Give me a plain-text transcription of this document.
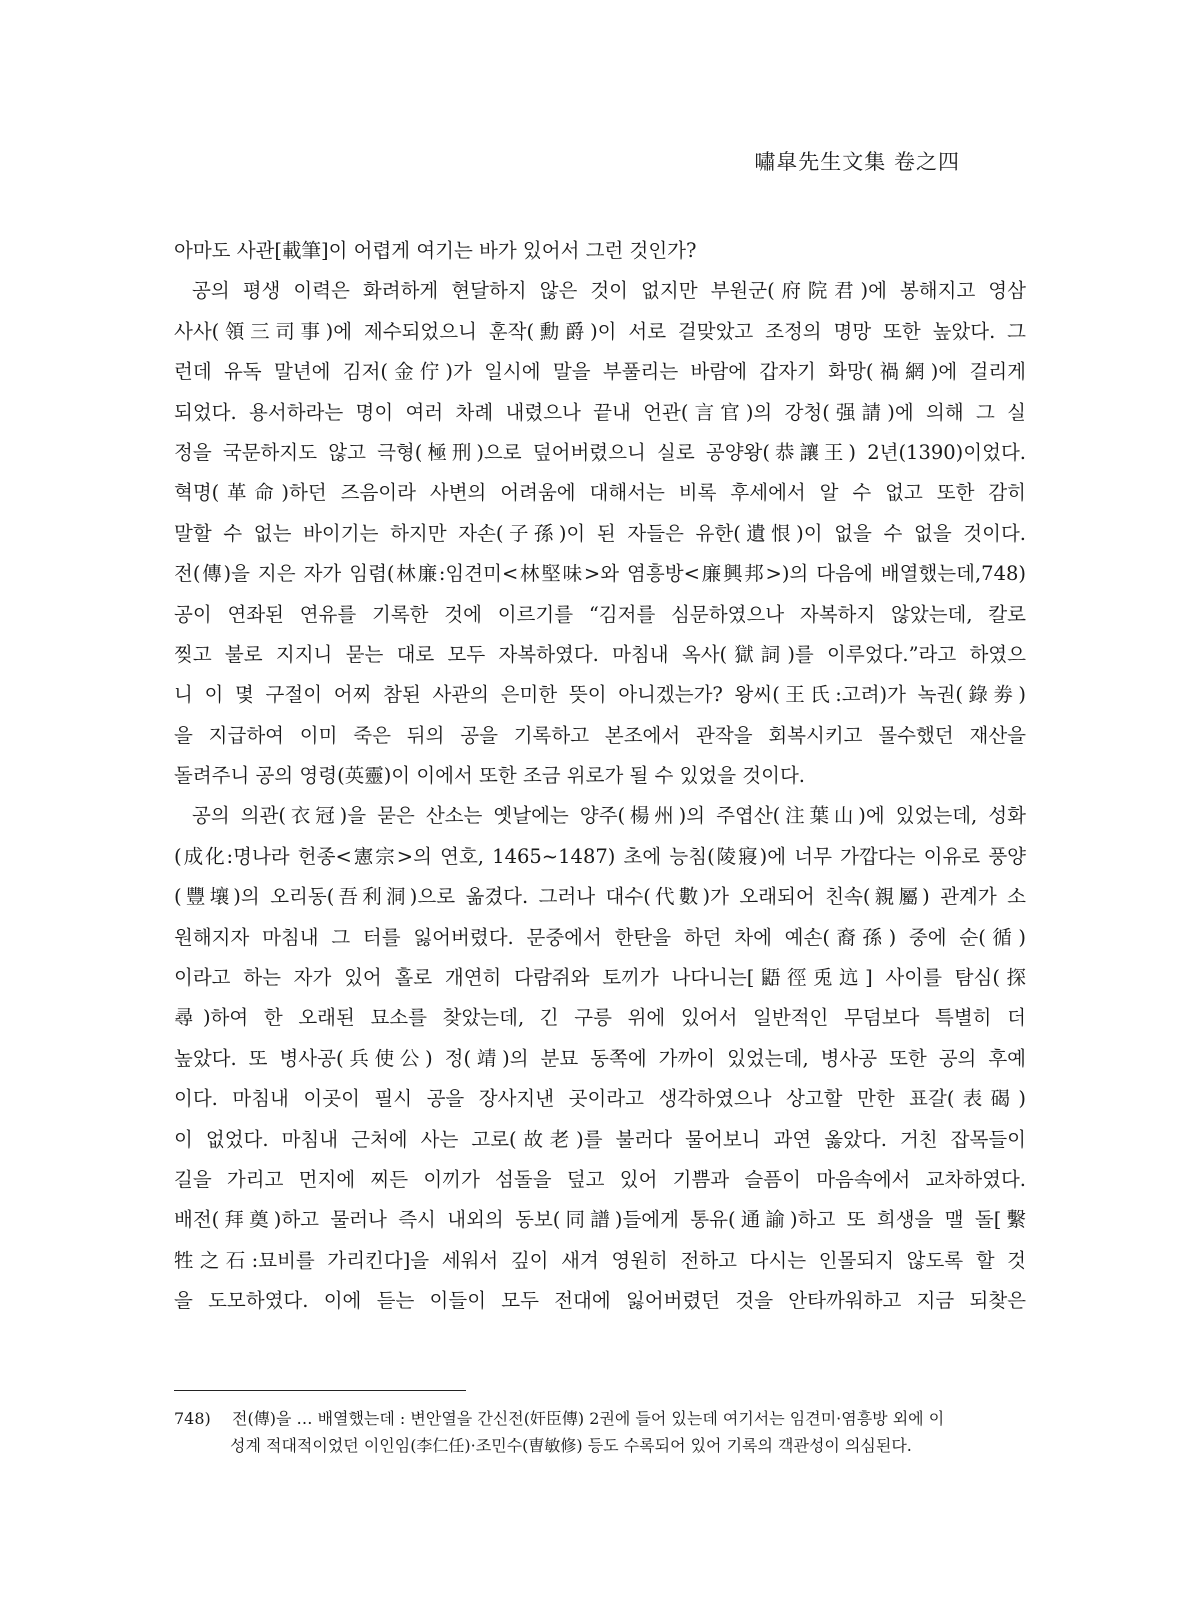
嘯皐先生文集 卷之四
아마도 사관[載筆]이 어렵게 여기는 바가 있어서 그런 것인가?
공의 평생 이력은 화려하게 현달하지 않은 것이 없지만 부원군(府院君)에 봉해지고 영삼
사사(領三司事)에 제수되었으니 훈작(勳爵)이 서로 걸맞았고 조정의 명망 또한 높았다. 그
런데 유독 말년에 김저(金佇)가 일시에 말을 부풀리는 바람에 갑자기 화망(禍網)에 걸리게
되었다. 용서하라는 명이 여러 차례 내렸으나 끝내 언관(言官)의 강청(强請)에 의해 그 실
정을 국문하지도 않고 극형(極刑)으로 덮어버렸으니 실로 공양왕(恭讓王) 2년(1390)이었다.
혁명(革命)하던 즈음이라 사변의 어려움에 대해서는 비록 후세에서 알 수 없고 또한 감히
말할 수 없는 바이기는 하지만 자손(子孫)이 된 자들은 유한(遺恨)이 없을 수 없을 것이다.
전(傳)을 지은 자가 임렴(林廉:임견미<林堅味>와 염흥방<廉興邦>)의 다음에 배열했는데,748)
공이 연좌된 연유를 기록한 것에 이르기를 “김저를 심문하였으나 자복하지 않았는데, 칼로
찢고 불로 지지니 묻는 대로 모두 자복하였다. 마침내 옥사(獄詞)를 이루었다.”라고 하였으
니 이 몇 구절이 어찌 참된 사관의 은미한 뜻이 아니겠는가? 왕씨(王氏:고려)가 녹권(錄劵)
을 지급하여 이미 죽은 뒤의 공을 기록하고 본조에서 관작을 회복시키고 몰수했던 재산을
돌려주니 공의 영령(英靈)이 이에서 또한 조금 위로가 될 수 있었을 것이다.
공의 의관(衣冠)을 묻은 산소는 옛날에는 양주(楊州)의 주엽산(注葉山)에 있었는데, 성화
(成化:명나라 헌종<憲宗>의 연호, 1465~1487) 초에 능침(陵寢)에 너무 가깝다는 이유로 풍양
(豐壤)의 오리동(吾利洞)으로 옮겼다. 그러나 대수(代數)가 오래되어 친속(親屬) 관계가 소
원해지자 마침내 그 터를 잃어버렸다. 문중에서 한탄을 하던 차에 예손(裔孫) 중에 순(循)
이라고 하는 자가 있어 홀로 개연히 다람쥐와 토끼가 나다니는[鼯徑兎迒] 사이를 탐심(探
尋)하여 한 오래된 묘소를 찾았는데, 긴 구릉 위에 있어서 일반적인 무덤보다 특별히 더
높았다. 또 병사공(兵使公) 정(靖)의 분묘 동쪽에 가까이 있었는데, 병사공 또한 공의 후예
이다. 마침내 이곳이 필시 공을 장사지낸 곳이라고 생각하였으나 상고할 만한 표갈(表碣)
이 없었다. 마침내 근처에 사는 고로(故老)를 불러다 물어보니 과연 옳았다. 거친 잡목들이
길을 가리고 먼지에 찌든 이끼가 섬돌을 덮고 있어 기쁨과 슬픔이 마음속에서 교차하였다.
배전(拜奠)하고 물러나 즉시 내외의 동보(同譜)들에게 통유(通諭)하고 또 희생을 맬 돌[繫
牲之石:묘비를 가리킨다]을 세워서 깊이 새겨 영원히 전하고 다시는 인몰되지 않도록 할 것
을 도모하였다. 이에 듣는 이들이 모두 전대에 잃어버렸던 것을 안타까워하고 지금 되찾은
748) 전(傳)을 … 배열했는데 : 변안열을 간신전(奸臣傳) 2권에 들어 있는데 여기서는 임견미·염흥방 외에 이
성계 적대적이었던 이인임(李仁任)·조민수(曺敏修) 등도 수록되어 있어 기록의 객관성이 의심된다.
